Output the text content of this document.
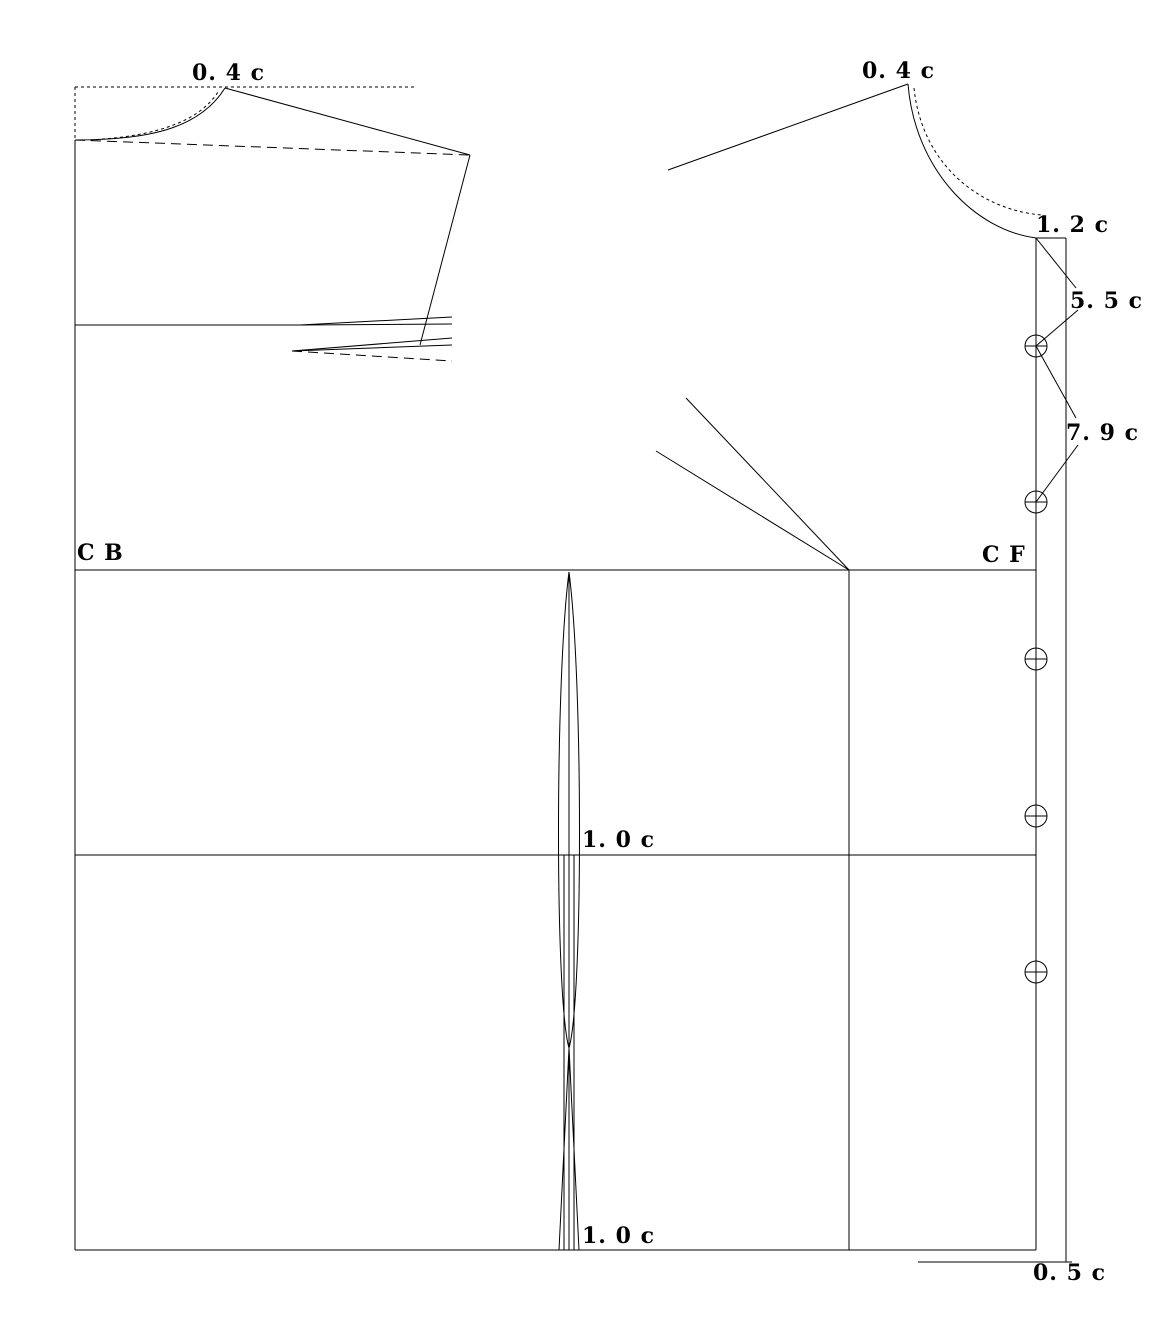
0. 4 c	0. 4 c
1. 2 c
C B	C F
0. 5 c
1. 0 c
1. 0 c
5. 5 c
7. 9 c
